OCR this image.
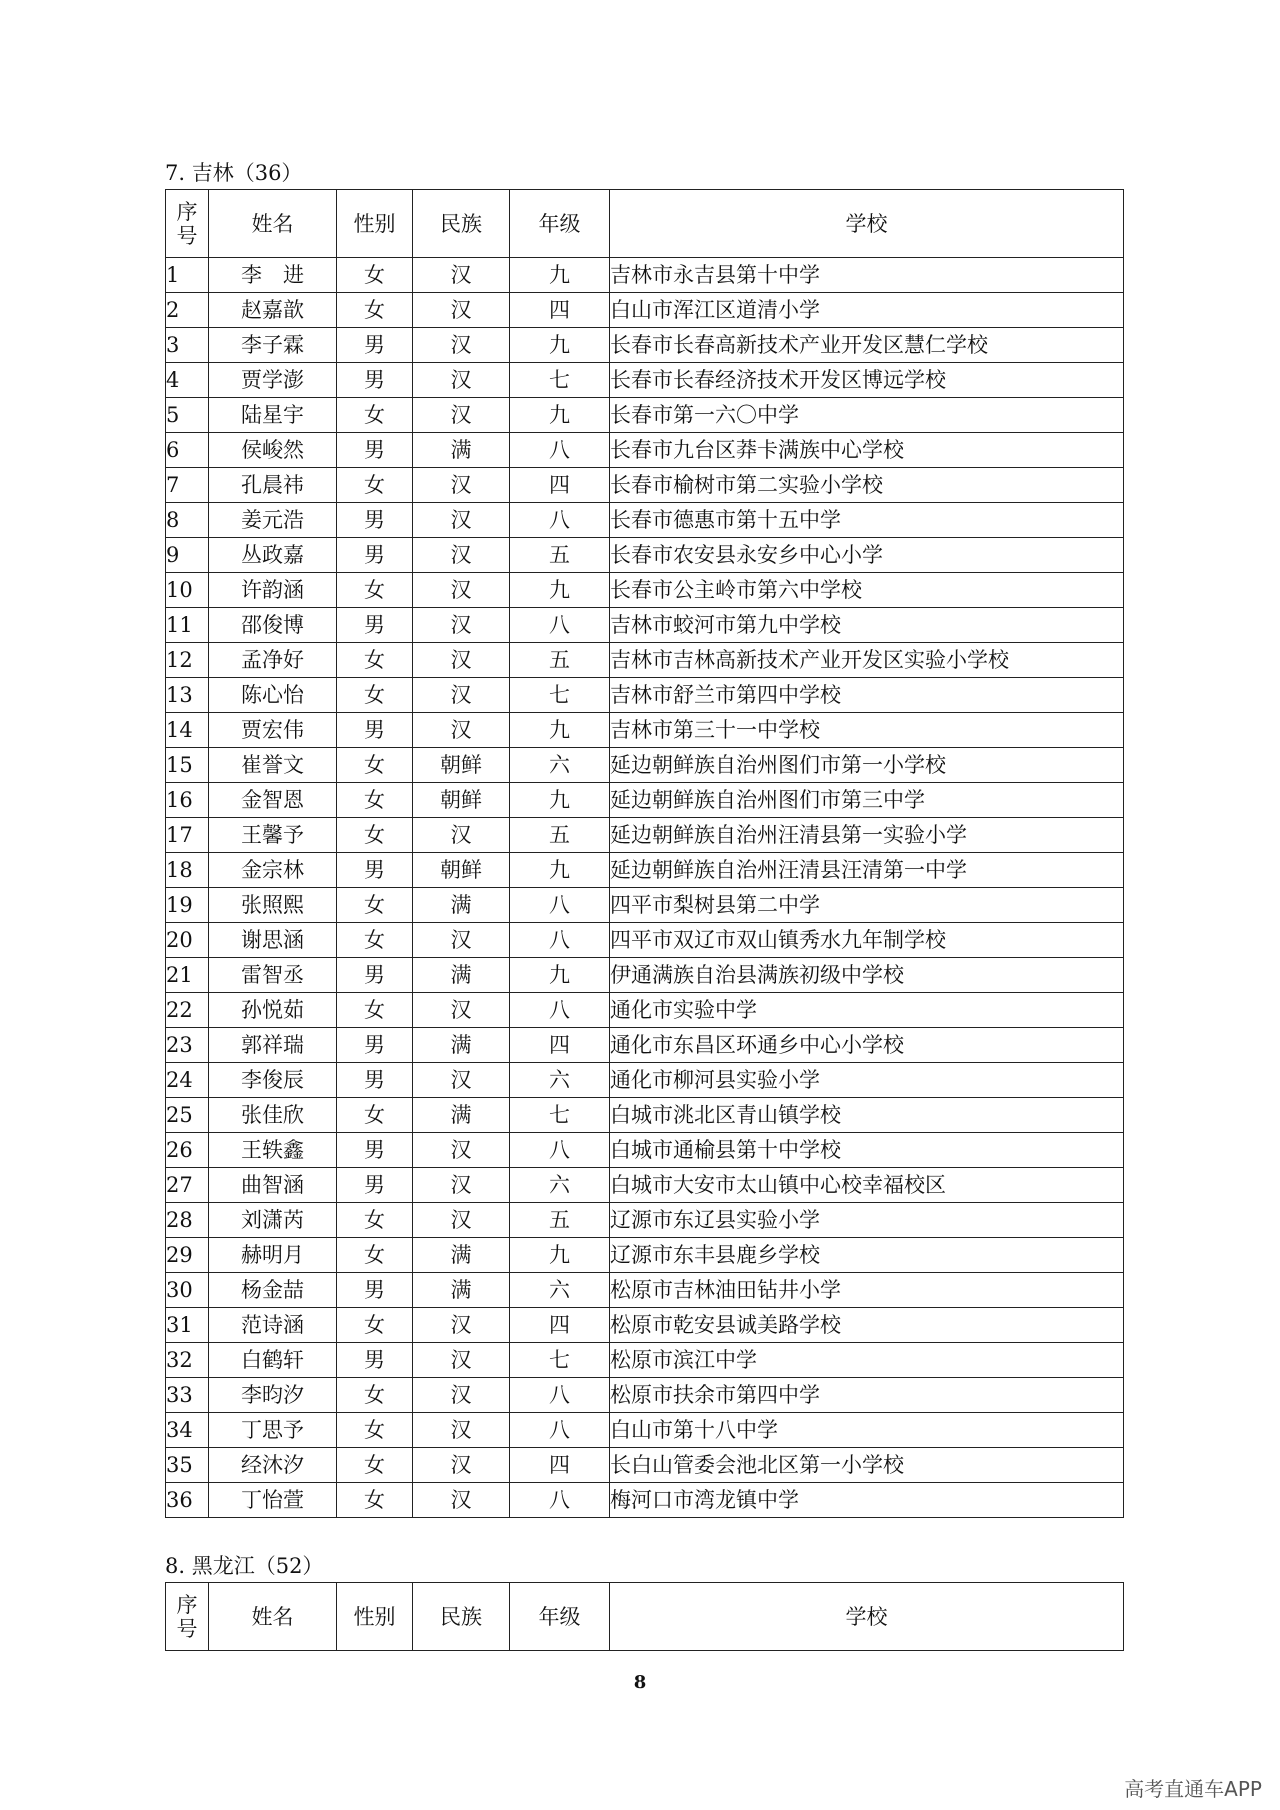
7. 吉林（36）
序
号	姓名	性别	民族	年级	学校
1	李　进	女	汉	九	吉林市永吉县第十中学
2	赵嘉歆	女	汉	四	白山市浑江区道清小学
3	李子霖	男	汉	九	长春市长春高新技术产业开发区慧仁学校
4	贾学澎	男	汉	七	长春市长春经济技术开发区博远学校
5	陆星宇	女	汉	九	长春市第一六〇中学
6	侯峻然	男	满	八	长春市九台区莽卡满族中心学校
7	孔晨祎	女	汉	四	长春市榆树市第二实验小学校
8	姜元浩	男	汉	八	长春市德惠市第十五中学
9	丛政嘉	男	汉	五	长春市农安县永安乡中心小学
10	许韵涵	女	汉	九	长春市公主岭市第六中学校
11	邵俊博	男	汉	八	吉林市蛟河市第九中学校
12	孟净好	女	汉	五	吉林市吉林高新技术产业开发区实验小学校
13	陈心怡	女	汉	七	吉林市舒兰市第四中学校
14	贾宏伟	男	汉	九	吉林市第三十一中学校
15	崔誉文	女	朝鲜	六	延边朝鲜族自治州图们市第一小学校
16	金智恩	女	朝鲜	九	延边朝鲜族自治州图们市第三中学
17	王馨予	女	汉	五	延边朝鲜族自治州汪清县第一实验小学
18	金宗林	男	朝鲜	九	延边朝鲜族自治州汪清县汪清第一中学
19	张照熙	女	满	八	四平市梨树县第二中学
20	谢思涵	女	汉	八	四平市双辽市双山镇秀水九年制学校
21	雷智丞	男	满	九	伊通满族自治县满族初级中学校
22	孙悦茹	女	汉	八	通化市实验中学
23	郭祥瑞	男	满	四	通化市东昌区环通乡中心小学校
24	李俊辰	男	汉	六	通化市柳河县实验小学
25	张佳欣	女	满	七	白城市洮北区青山镇学校
26	王轶鑫	男	汉	八	白城市通榆县第十中学校
27	曲智涵	男	汉	六	白城市大安市太山镇中心校幸福校区
28	刘潇芮	女	汉	五	辽源市东辽县实验小学
29	赫明月	女	满	九	辽源市东丰县鹿乡学校
30	杨金喆	男	满	六	松原市吉林油田钻井小学
31	范诗涵	女	汉	四	松原市乾安县诚美路学校
32	白鹤轩	男	汉	七	松原市滨江中学
33	李昀汐	女	汉	八	松原市扶余市第四中学
34	丁思予	女	汉	八	白山市第十八中学
35	经沐汐	女	汉	四	长白山管委会池北区第一小学校
36	丁怡萱	女	汉	八	梅河口市湾龙镇中学
8. 黑龙江（52）
序
号	姓名	性别	民族	年级	学校
8
高考直通车APP
